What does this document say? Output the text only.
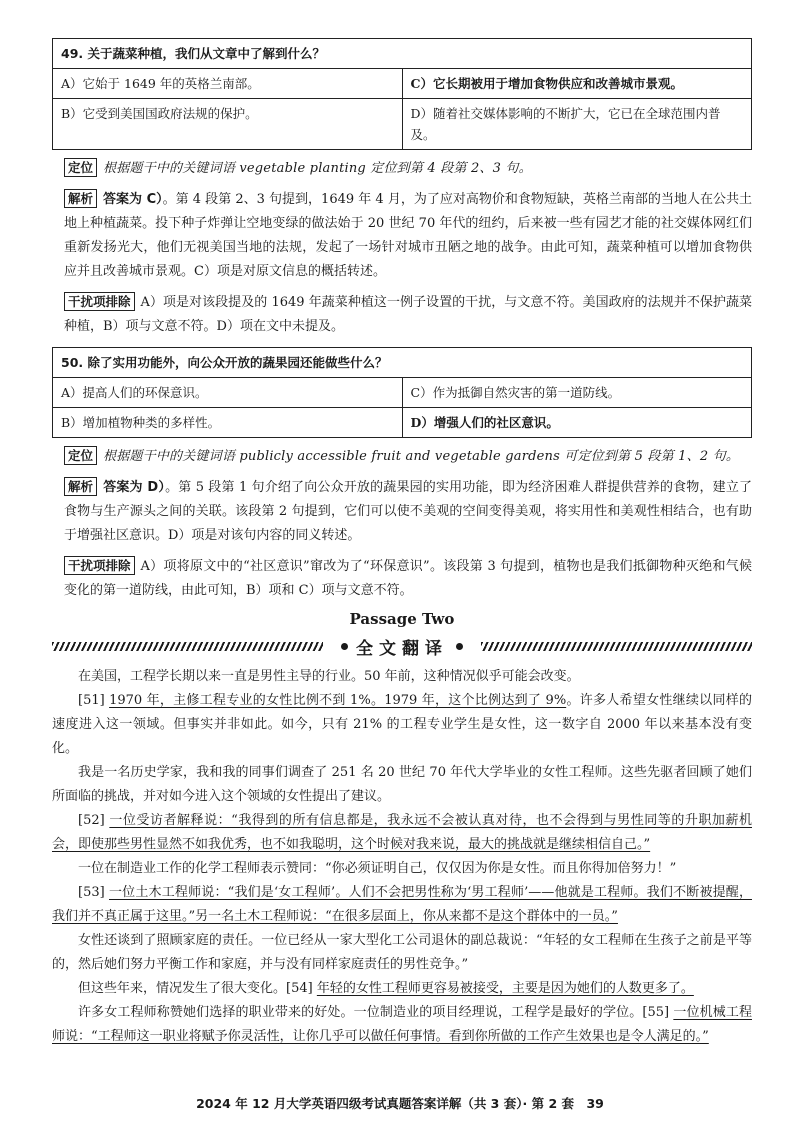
49. 关于蔬菜种植，我们从文章中了解到什么？	
A）它始于 1649 年的英格兰南部。	C）它长期被用于增加食物供应和改善城市景观。
B）它受到美国国政府法规的保护。	D）随着社交媒体影响的不断扩大，它已在全球范围内普及。

定位 根据题干中的关键词语 vegetable planting 定位到第 4 段第 2、3 句。

解析 答案为 C）。第 4 段第 2、3 句提到，1649 年 4 月，为了应对高物价和食物短缺，英格兰南部的当地人在公共土地上种植蔬菜。投下种子炸弹让空地变绿的做法始于 20 世纪 70 年代的纽约，后来被一些有园艺才能的社交媒体网红们重新发扬光大，他们无视美国当地的法规，发起了一场针对城市丑陋之地的战争。由此可知，蔬菜种植可以增加食物供应并且改善城市景观。C）项是对原文信息的概括转述。

干扰项排除 A）项是对该段提及的 1649 年蔬菜种植这一例子设置的干扰，与文意不符。美国政府的法规并不保护蔬菜种植，B）项与文意不符。D）项在文中未提及。

50. 除了实用功能外，向公众开放的蔬果园还能做些什么？	
A）提高人们的环保意识。	C）作为抵御自然灾害的第一道防线。
B）增加植物种类的多样性。	D）增强人们的社区意识。

定位 根据题干中的关键词语 publicly accessible fruit and vegetable gardens 可定位到第 5 段第 1、2 句。

解析 答案为 D）。第 5 段第 1 句介绍了向公众开放的蔬果园的实用功能，即为经济困难人群提供营养的食物，建立了食物与生产源头之间的关联。该段第 2 句提到，它们可以使不美观的空间变得美观，将实用性和美观性相结合，也有助于增强社区意识。D）项是对该句内容的同义转述。

干扰项排除 A）项将原文中的“社区意识”窜改为了“环保意识”。该段第 3 句提到，植物也是我们抵御物种灭绝和气候变化的第一道防线，由此可知，B）项和 C）项与文意不符。

Passage Two
全文翻译

在美国，工程学长期以来一直是男性主导的行业。50 年前，这种情况似乎可能会改变。

[51] 1970 年，主修工程专业的女性比例不到 1%。1979 年，这个比例达到了 9%。许多人希望女性继续以同样的速度进入这一领域。但事实并非如此。如今，只有 21% 的工程专业学生是女性，这一数字自 2000 年以来基本没有变化。

我是一名历史学家，我和我的同事们调查了 251 名 20 世纪 70 年代大学毕业的女性工程师。这些先驱者回顾了她们所面临的挑战，并对如今进入这个领域的女性提出了建议。

[52] 一位受访者解释说：“我得到的所有信息都是，我永远不会被认真对待，也不会得到与男性同等的升职加薪机会，即使那些男性显然不如我优秀，也不如我聪明，这个时候对我来说，最大的挑战就是继续相信自己。”

一位在制造业工作的化学工程师表示赞同：“你必须证明自己，仅仅因为你是女性。而且你得加倍努力！”

[53] 一位土木工程师说：“我们是‘女工程师’。人们不会把男性称为‘男工程师’——他就是工程师。我们不断被提醒，我们并不真正属于这里。”另一名土木工程师说：“在很多层面上，你从来都不是这个群体中的一员。”

女性还谈到了照顾家庭的责任。一位已经从一家大型化工公司退休的副总裁说：“年轻的女工程师在生孩子之前是平等的，然后她们努力平衡工作和家庭，并与没有同样家庭责任的男性竞争。”

但这些年来，情况发生了很大变化。[54] 年轻的女性工程师更容易被接受，主要是因为她们的人数更多了。

许多女工程师称赞她们选择的职业带来的好处。一位制造业的项目经理说，工程学是最好的学位。[55] 一位机械工程师说：“工程师这一职业将赋予你灵活性，让你几乎可以做任何事情。看到你所做的工作产生效果也是令人满足的。”

2024 年 12 月大学英语四级考试真题答案详解（共 3 套）· 第 2 套　39
